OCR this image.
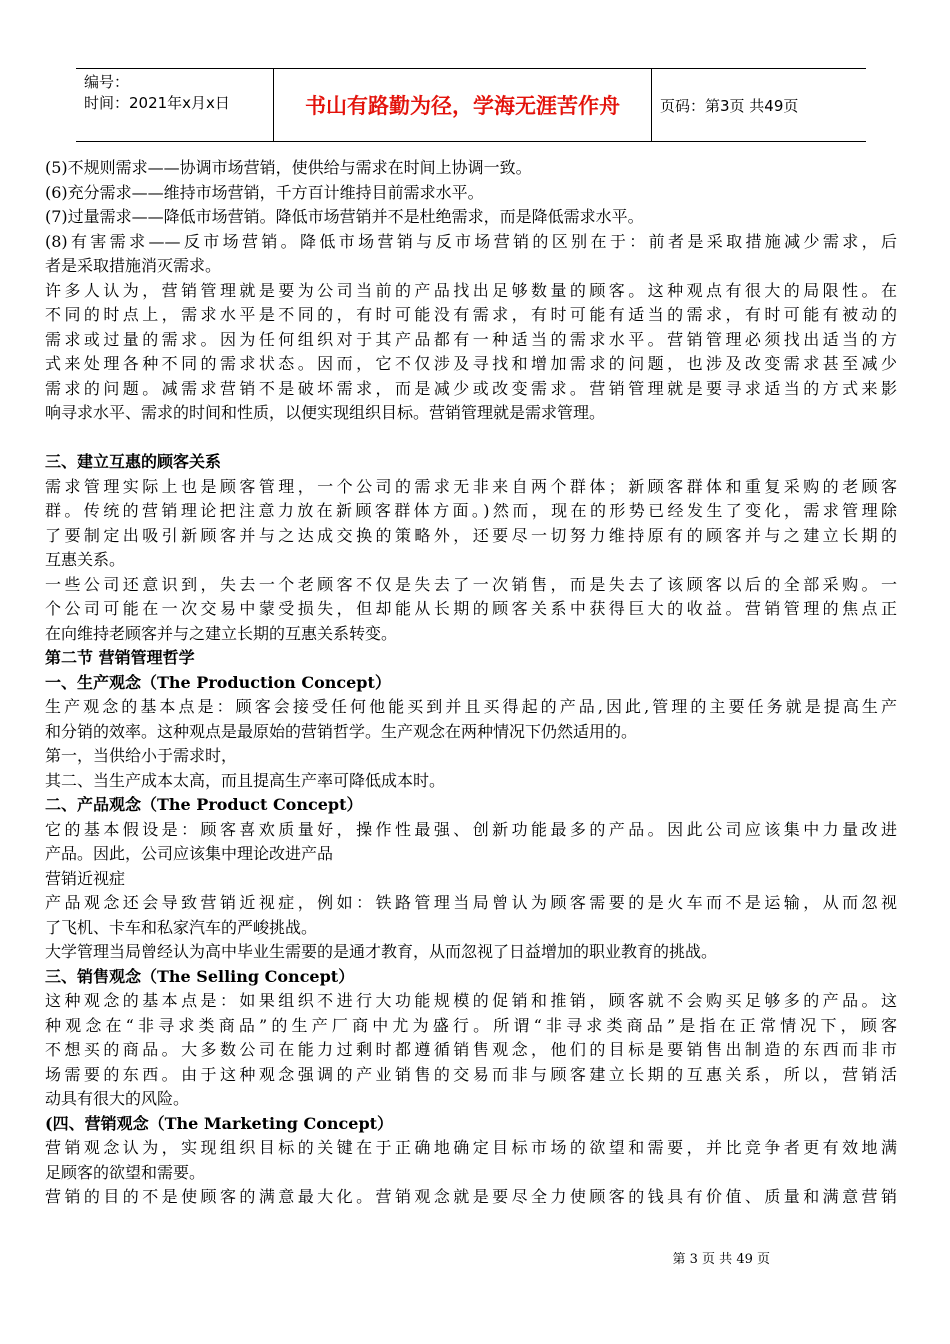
编号：
时间：2021年x月x日	书山有路勤为径，学海无涯苦作舟	页码：第3页 共49页
(5)不规则需求——协调市场营销，使供给与需求在时间上协调一致。
(6)充分需求——维持市场营销，千方百计维持目前需求水平。
(7)过量需求——降低市场营销。降低市场营销并不是杜绝需求，而是降低需求水平。
(8)有害需求——反市场营销。降低市场营销与反市场营销的区别在于：前者是采取措施减少需求，后
者是采取措施消灭需求。
许多人认为，营销管理就是要为公司当前的产品找出足够数量的顾客。这种观点有很大的局限性。在
不同的时点上，需求水平是不同的，有时可能没有需求，有时可能有适当的需求，有时可能有被动的
需求或过量的需求。因为任何组织对于其产品都有一种适当的需求水平。营销管理必须找出适当的方
式来处理各种不同的需求状态。因而，它不仅涉及寻找和增加需求的问题，也涉及改变需求甚至减少
需求的问题。减需求营销不是破坏需求，而是减少或改变需求。营销管理就是要寻求适当的方式来影
响寻求水平、需求的时间和性质，以便实现组织目标。营销管理就是需求管理。
三、建立互惠的顾客关系
需求管理实际上也是顾客管理，一个公司的需求无非来自两个群体；新顾客群体和重复采购的老顾客
群。传统的营销理论把注意力放在新顾客群体方面。)然而，现在的形势已经发生了变化，需求管理除
了要制定出吸引新顾客并与之达成交换的策略外，还要尽一切努力维持原有的顾客并与之建立长期的
互惠关系。
一些公司还意识到，失去一个老顾客不仅是失去了一次销售，而是失去了该顾客以后的全部采购。一
个公司可能在一次交易中蒙受损失，但却能从长期的顾客关系中获得巨大的收益。营销管理的焦点正
在向维持老顾客并与之建立长期的互惠关系转变。
第二节 营销管理哲学
一、生产观念（The Production Concept）
生产观念的基本点是：顾客会接受任何他能买到并且买得起的产品,因此,管理的主要任务就是提高生产
和分销的效率。这种观点是最原始的营销哲学。生产观念在两种情况下仍然适用的。
第一，当供给小于需求时，
其二、当生产成本太高，而且提高生产率可降低成本时。
二、产品观念（The Product Concept）
它的基本假设是：顾客喜欢质量好，操作性最强、创新功能最多的产品。因此公司应该集中力量改进
产品。因此，公司应该集中理论改进产品
营销近视症
产品观念还会导致营销近视症，例如：铁路管理当局曾认为顾客需要的是火车而不是运输，从而忽视
了飞机、卡车和私家汽车的严峻挑战。
大学管理当局曾经认为高中毕业生需要的是通才教育，从而忽视了日益增加的职业教育的挑战。
三、销售观念（The Selling Concept）
这种观念的基本点是：如果组织不进行大功能规模的促销和推销，顾客就不会购买足够多的产品。这
种观念在“非寻求类商品”的生产厂商中尤为盛行。所谓“非寻求类商品”是指在正常情况下，顾客
不想买的商品。大多数公司在能力过剩时都遵循销售观念，他们的目标是要销售出制造的东西而非市
场需要的东西。由于这种观念强调的产业销售的交易而非与顾客建立长期的互惠关系，所以，营销活
动具有很大的风险。
(四、营销观念（The Marketing Concept）
营销观念认为，实现组织目标的关键在于正确地确定目标市场的欲望和需要，并比竞争者更有效地满
足顾客的欲望和需要。
营销的目的不是使顾客的满意最大化。营销观念就是要尽全力使顾客的钱具有价值、质量和满意营销
第 3 页 共 49 页
